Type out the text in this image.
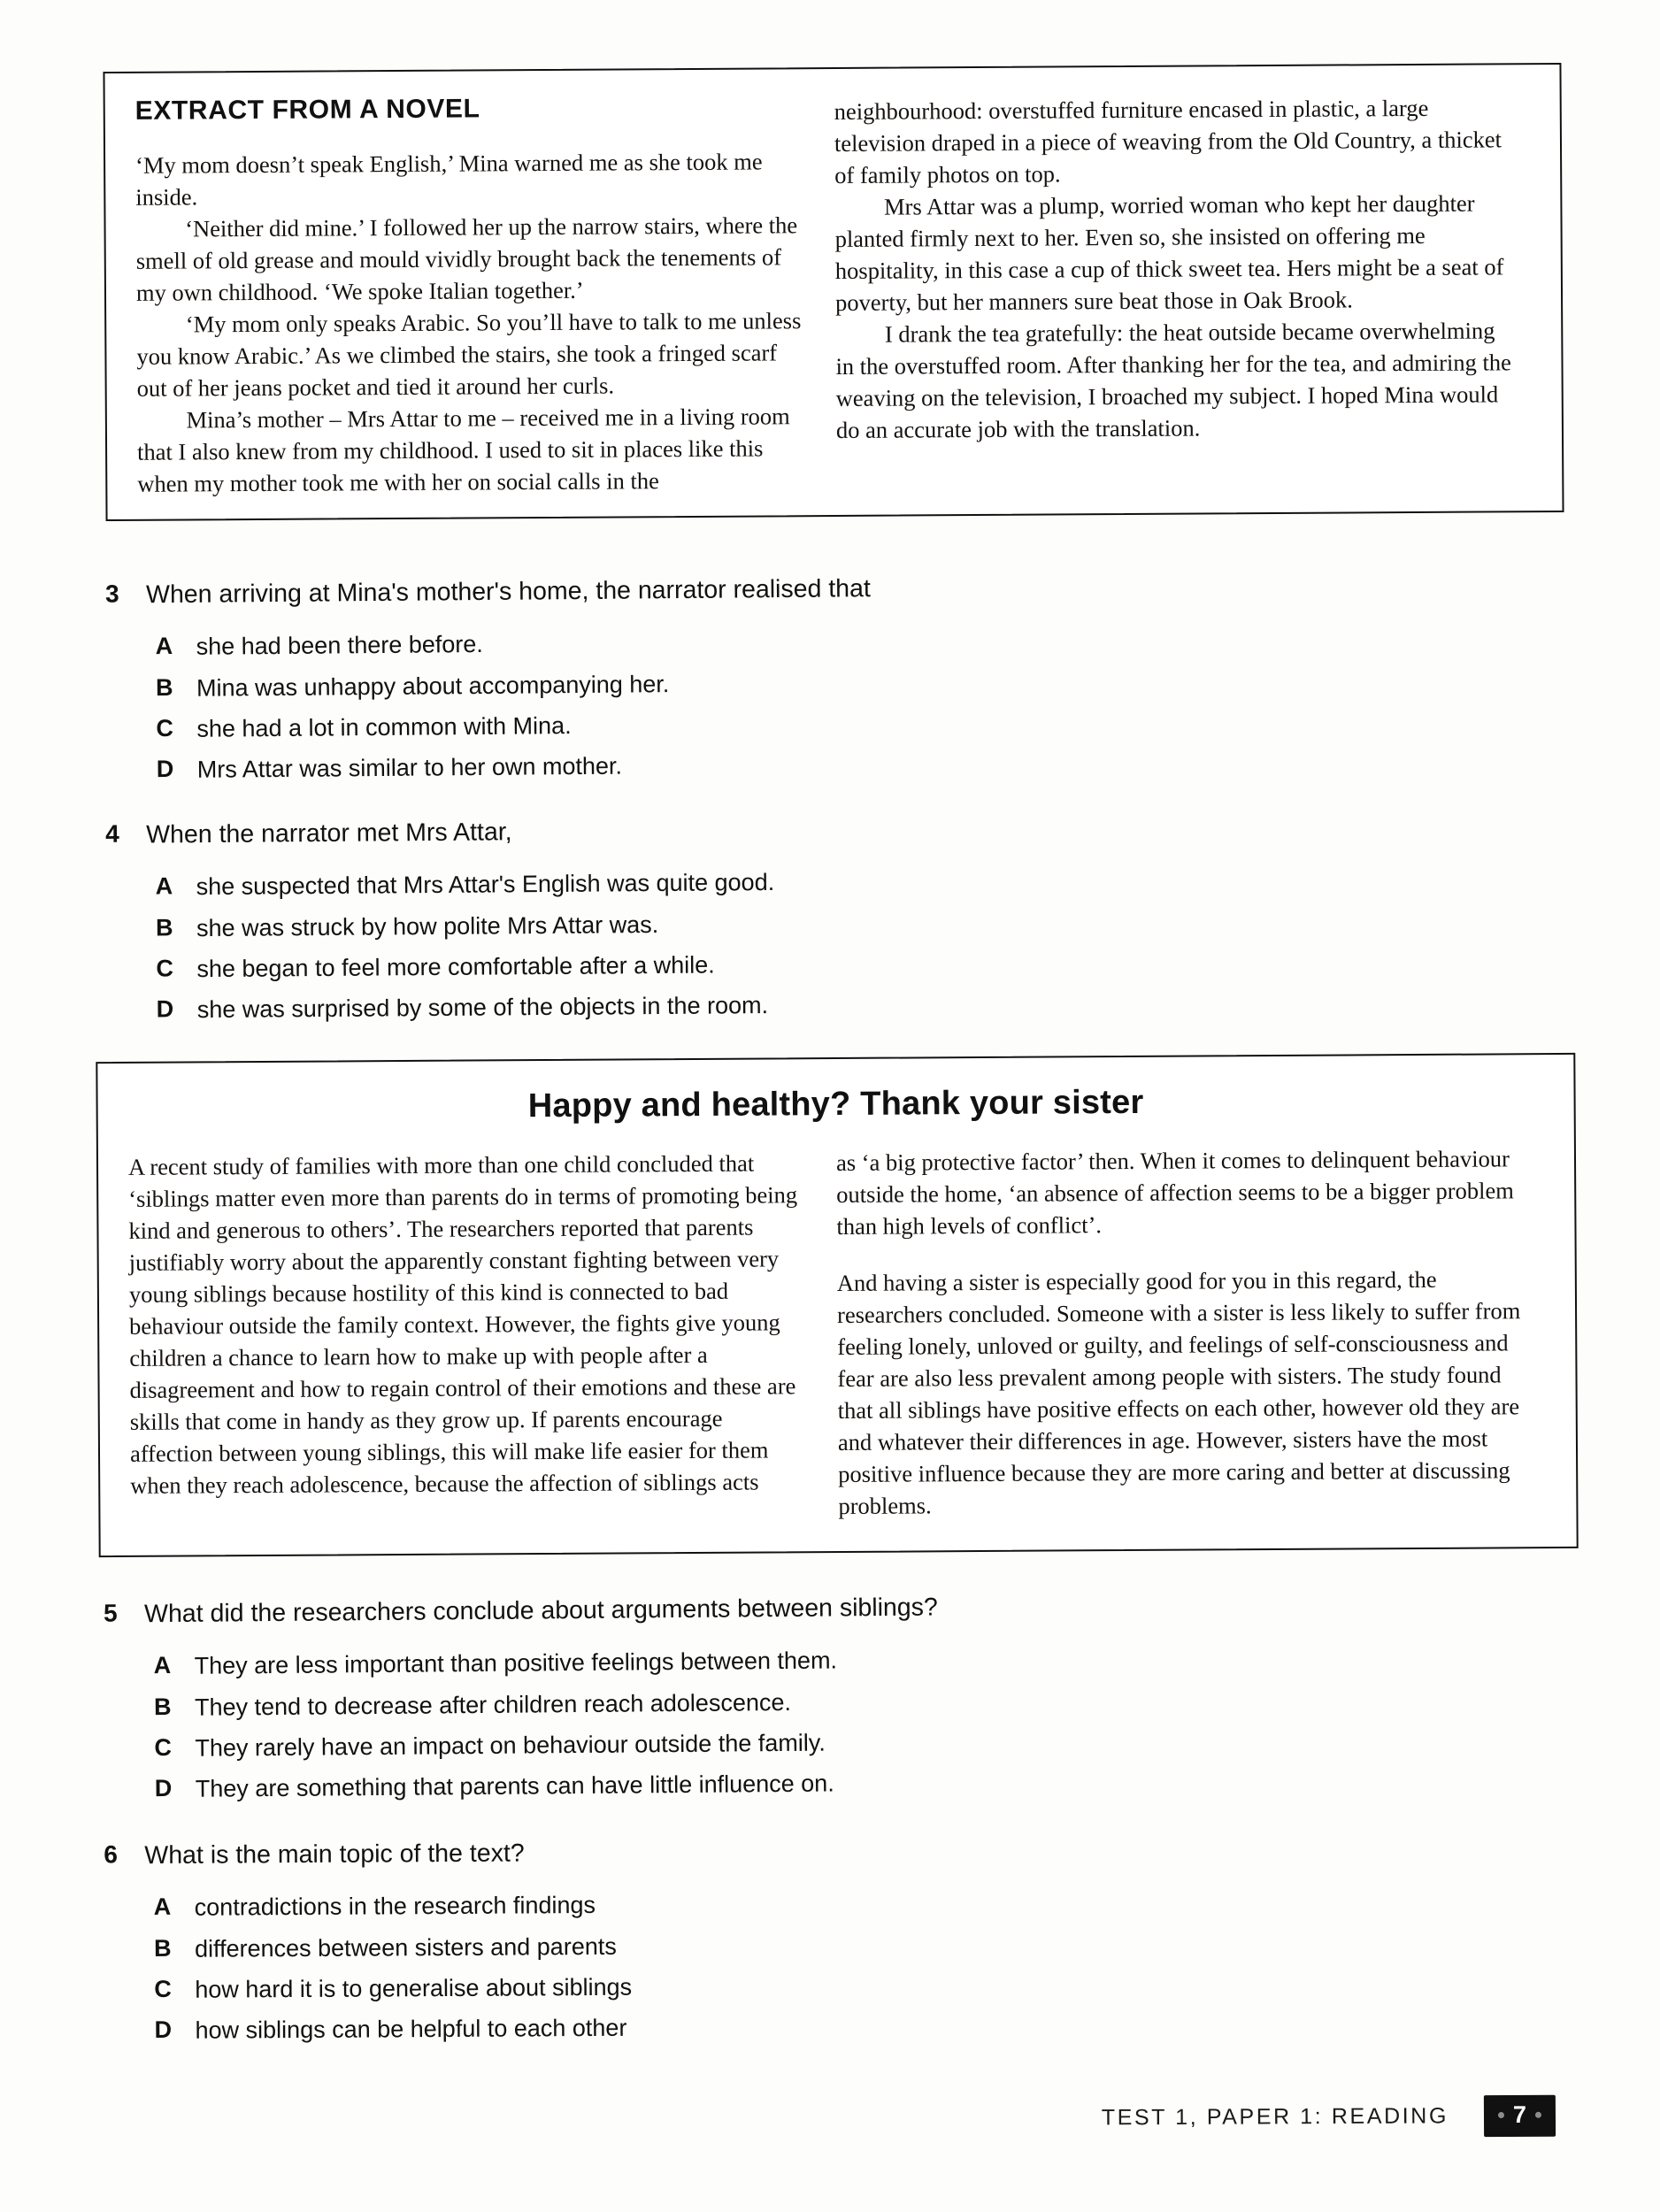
EXTRACT FROM A NOVEL

‘My mom doesn’t speak English,’ Mina warned me as she took me inside.

‘Neither did mine.’ I followed her up the narrow stairs, where the smell of old grease and mould vividly brought back the tenements of my own childhood. ‘We spoke Italian together.’

‘My mom only speaks Arabic. So you’ll have to talk to me unless you know Arabic.’ As we climbed the stairs, she took a fringed scarf out of her jeans pocket and tied it around her curls.

Mina’s mother – Mrs Attar to me – received me in a living room that I also knew from my childhood. I used to sit in places like this when my mother took me with her on social calls in the

neighbourhood: overstuffed furniture encased in plastic, a large television draped in a piece of weaving from the Old Country, a thicket of family photos on top.

Mrs Attar was a plump, worried woman who kept her daughter planted firmly next to her. Even so, she insisted on offering me hospitality, in this case a cup of thick sweet tea. Hers might be a seat of poverty, but her manners sure beat those in Oak Brook.

I drank the tea gratefully: the heat outside became overwhelming in the overstuffed room. After thanking her for the tea, and admiring the weaving on the television, I broached my subject. I hoped Mina would do an accurate job with the translation.

3	When arriving at Mina's mother's home, the narrator realised that
A she had been there before.
B Mina was unhappy about accompanying her.
C she had a lot in common with Mina.
D Mrs Attar was similar to her own mother.
4	When the narrator met Mrs Attar,
A she suspected that Mrs Attar's English was quite good.
B she was struck by how polite Mrs Attar was.
C she began to feel more comfortable after a while.
D she was surprised by some of the objects in the room.
Happy and healthy? Thank your sister

A recent study of families with more than one child concluded that ‘siblings matter even more than parents do in terms of promoting being kind and generous to others’. The researchers reported that parents justifiably worry about the apparently constant fighting between very young siblings because hostility of this kind is connected to bad behaviour outside the family context. However, the fights give young children a chance to learn how to make up with people after a disagreement and how to regain control of their emotions and these are skills that come in handy as they grow up. If parents encourage affection between young siblings, this will make life easier for them when they reach adolescence, because the affection of siblings acts

as ‘a big protective factor’ then. When it comes to delinquent behaviour outside the home, ‘an absence of affection seems to be a bigger problem than high levels of conflict’.

And having a sister is especially good for you in this regard, the researchers concluded. Someone with a sister is less likely to suffer from feeling lonely, unloved or guilty, and feelings of self-consciousness and fear are also less prevalent among people with sisters. The study found that all siblings have positive effects on each other, however old they are and whatever their differences in age. However, sisters have the most positive influence because they are more caring and better at discussing problems.

5	What did the researchers conclude about arguments between siblings?
A They are less important than positive feelings between them.
B They tend to decrease after children reach adolescence.
C They rarely have an impact on behaviour outside the family.
D They are something that parents can have little influence on.
6	What is the main topic of the text?
A contradictions in the research findings
B differences between sisters and parents
C how hard it is to generalise about siblings
D how siblings can be helpful to each other
TEST 1, PAPER 1: READING	7
